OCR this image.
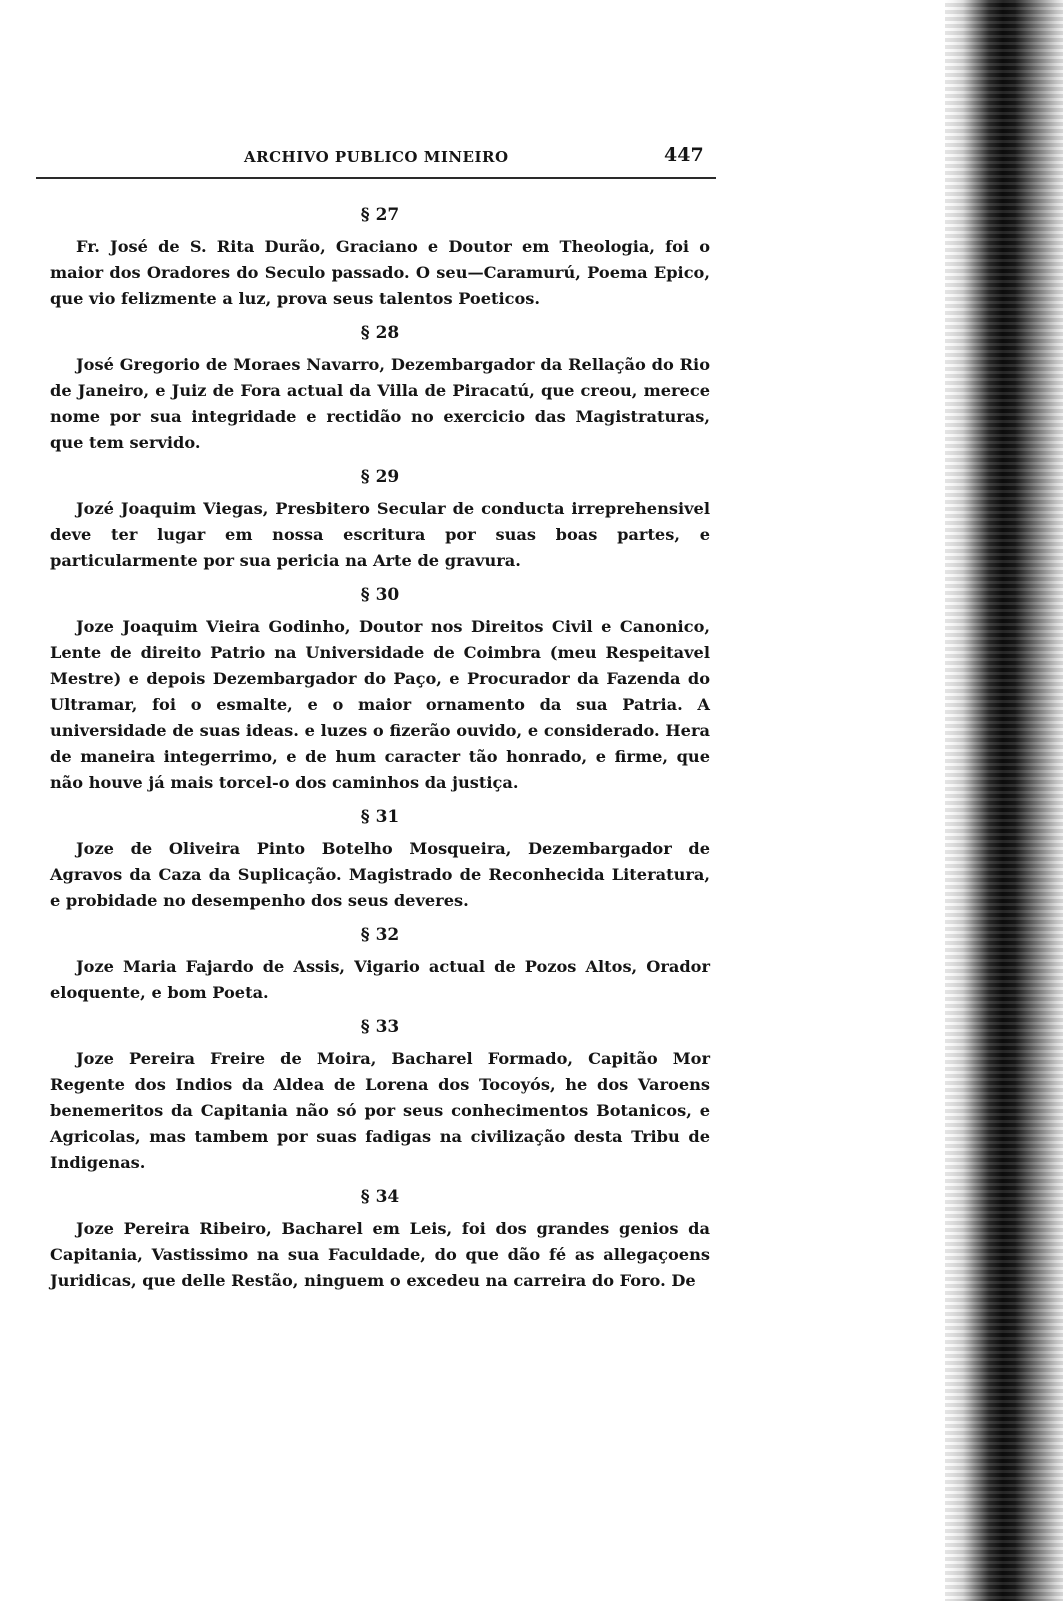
ARCHIVO PUBLICO MINEIRO	447
§ 27

Fr. José de S. Rita Durão, Graciano e Doutor em Theologia, foi o maior dos Oradores do Seculo passado. O seu—Caramurú, Poema Epico, que vio felizmente a luz, prova seus talentos Poeticos.

§ 28

José Gregorio de Moraes Navarro, Dezembargador da Rellação do Rio de Janeiro, e Juiz de Fora actual da Villa de Piracatú, que creou, merece nome por sua integridade e rectidão no exercicio das Magistraturas, que tem servido.

§ 29

Jozé Joaquim Viegas, Presbitero Secular de conducta irreprehensivel deve ter lugar em nossa escritura por suas boas partes, e particularmente por sua pericia na Arte de gravura.

§ 30

Joze Joaquim Vieira Godinho, Doutor nos Direitos Civil e Canonico, Lente de direito Patrio na Universidade de Coimbra (meu Respeitavel Mestre) e depois Dezembargador do Paço, e Procurador da Fazenda do Ultramar, foi o esmalte, e o maior ornamento da sua Patria. A universidade de suas ideas. e luzes o fizerão ouvido, e considerado. Hera de maneira integerrimo, e de hum caracter tão honrado, e firme, que não houve já mais torcel-o dos caminhos da justiça.

§ 31

Joze de Oliveira Pinto Botelho Mosqueira, Dezembargador de Agravos da Caza da Suplicação. Magistrado de Reconhecida Literatura, e probidade no desempenho dos seus deveres.

§ 32

Joze Maria Fajardo de Assis, Vigario actual de Pozos Altos, Orador eloquente, e bom Poeta.

§ 33

Joze Pereira Freire de Moira, Bacharel Formado, Capitão Mor Regente dos Indios da Aldea de Lorena dos Tocoyós, he dos Varoens benemeritos da Capitania não só por seus conhecimentos Botanicos, e Agricolas, mas tambem por suas fadigas na civilização desta Tribu de Indigenas.

§ 34

Joze Pereira Ribeiro, Bacharel em Leis, foi dos grandes genios da Capitania, Vastissimo na sua Faculdade, do que dão fé as allegaçoens Juridicas, que delle Restão, ninguem o excedeu na carreira do Foro. De
